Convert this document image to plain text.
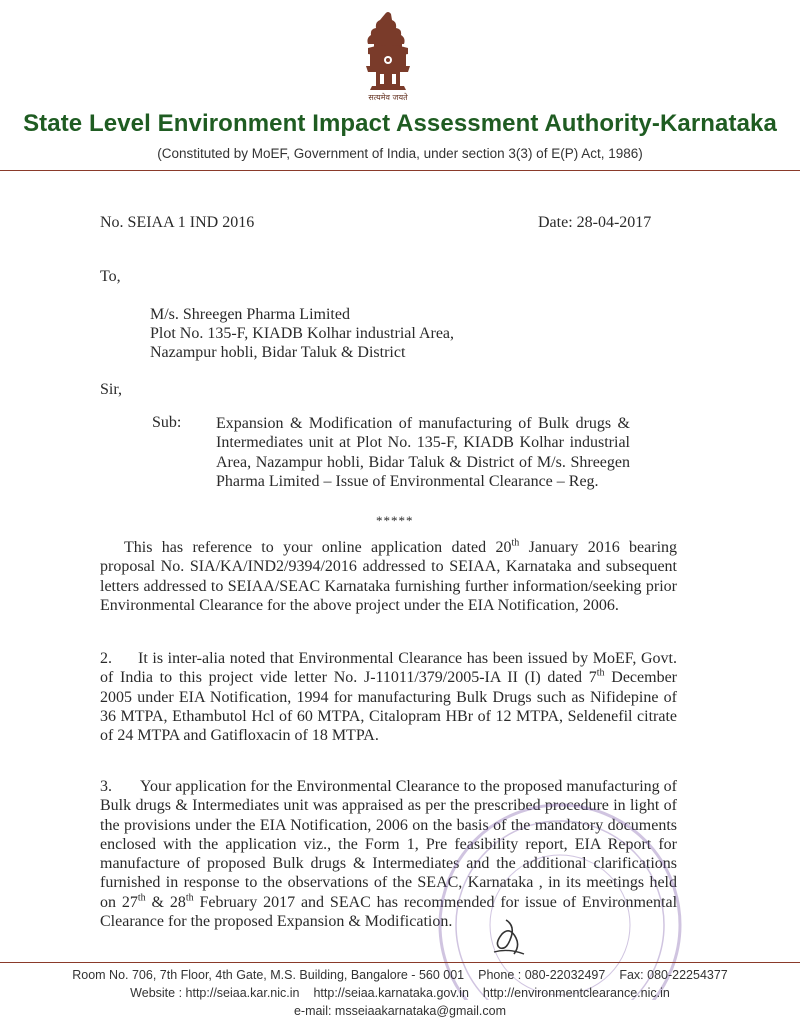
सत्यमेव जयते
State Level Environment Impact Assessment Authority-Karnataka
(Constituted by MoEF, Government of India, under section 3(3) of E(P) Act, 1986)
No. SEIAA 1 IND 2016	Date: 28-04-2017
To,
M/s. Shreegen Pharma Limited
Plot No. 135-F, KIADB Kolhar industrial Area,
Nazampur hobli, Bidar Taluk & District
Sir,
Sub: Expansion & Modification of manufacturing of Bulk drugs & Intermediates unit at Plot No. 135-F, KIADB Kolhar industrial Area, Nazampur hobli, Bidar Taluk & District of M/s. Shreegen Pharma Limited – Issue of Environmental Clearance – Reg.
*****
This has reference to your online application dated 20th January 2016 bearing proposal No. SIA/KA/IND2/9394/2016 addressed to SEIAA, Karnataka and subsequent letters addressed to SEIAA/SEAC Karnataka furnishing further information/seeking prior Environmental Clearance for the above project under the EIA Notification, 2006.
2. It is inter-alia noted that Environmental Clearance has been issued by MoEF, Govt. of India to this project vide letter No. J-11011/379/2005-IA II (I) dated 7th December 2005 under EIA Notification, 1994 for manufacturing Bulk Drugs such as Nifidepine of 36 MTPA, Ethambutol Hcl of 60 MTPA, Citalopram HBr of 12 MTPA, Seldenefil citrate of 24 MTPA and Gatifloxacin of 18 MTPA.
3. Your application for the Environmental Clearance to the proposed manufacturing of Bulk drugs & Intermediates unit was appraised as per the prescribed procedure in light of the provisions under the EIA Notification, 2006 on the basis of the mandatory documents enclosed with the application viz., the Form 1, Pre feasibility report, EIA Report for manufacture of proposed Bulk drugs & Intermediates and the additional clarifications furnished in response to the observations of the SEAC, Karnataka , in its meetings held on 27th & 28th February 2017 and SEAC has recommended for issue of Environmental Clearance for the proposed Expansion & Modification.
Room No. 706, 7th Floor, 4th Gate, M.S. Building, Bangalore - 560 001 Phone : 080-22032497 Fax: 080-22254377
Website : http://seiaa.kar.nic.in http://seiaa.karnataka.gov.in http://environmentclearance.nic.in
e-mail: msseiaakarnataka@gmail.com
